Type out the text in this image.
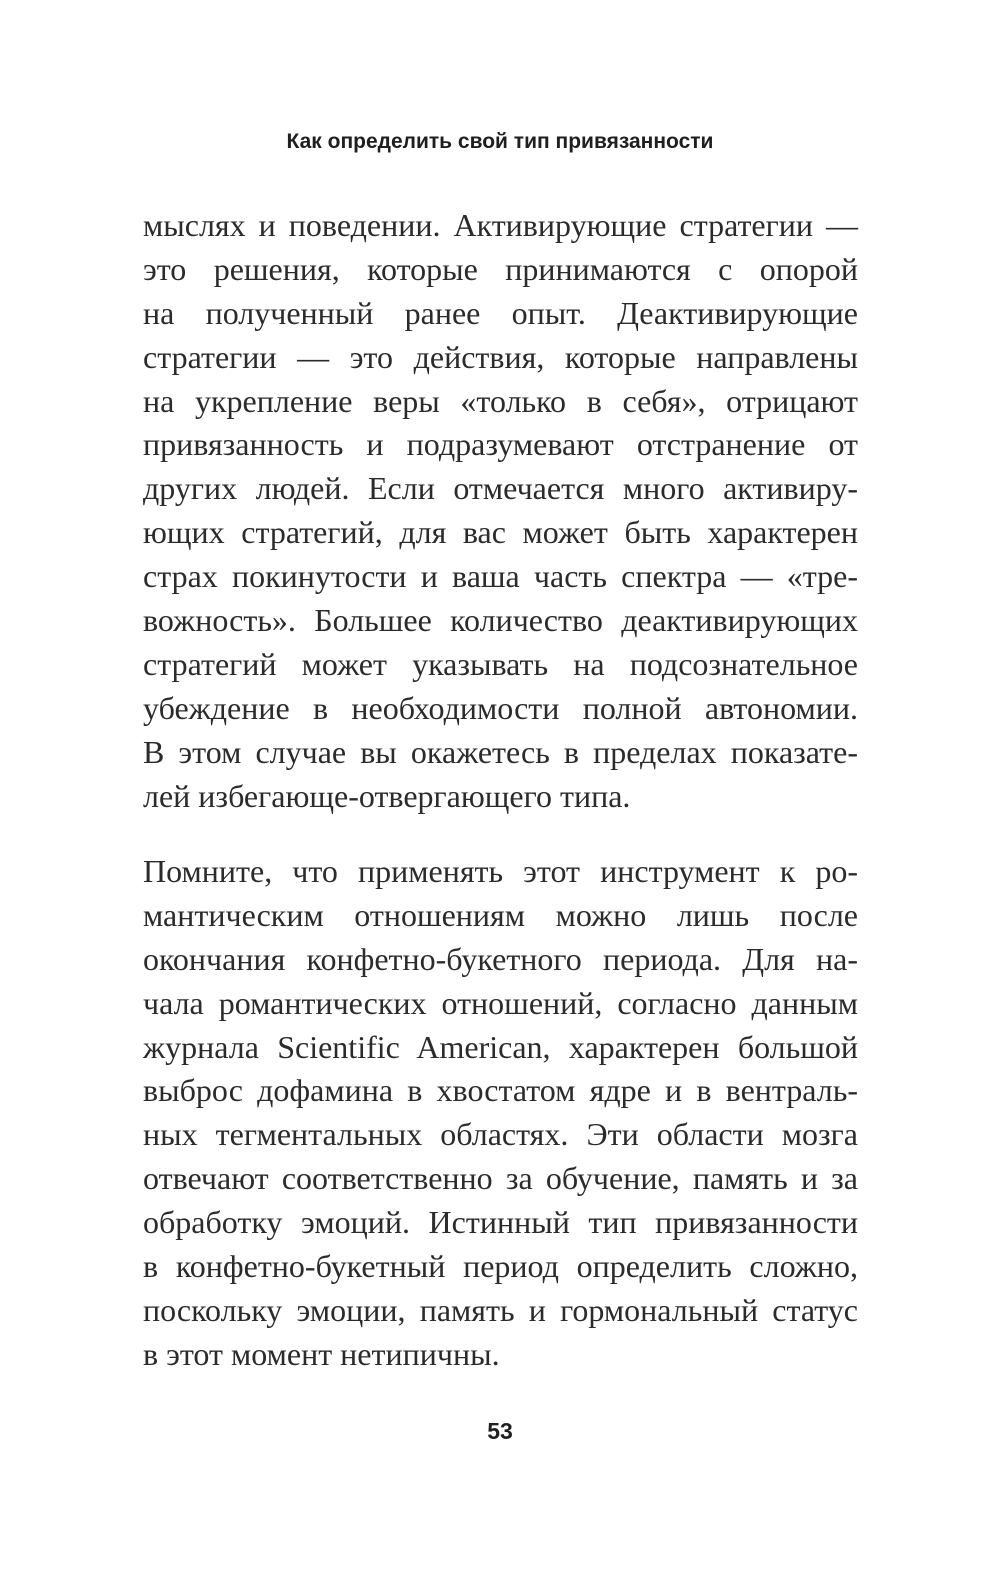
Как определить свой тип привязанности
мыслях и поведении. Активирующие стратегии —
это решения, которые принимаются с опорой
на полученный ранее опыт. Деактивирующие
стратегии — это действия, которые направлены
на укрепление веры «только в себя», отрицают
привязанность и подразумевают отстранение от
других людей. Если отмечается много активиру-
ющих стратегий, для вас может быть характерен
страх покинутости и ваша часть спектра — «тре-
вожность». Большее количество деактивирующих
стратегий может указывать на подсознательное
убеждение в необходимости полной автономии.
В этом случае вы окажетесь в пределах показате-
лей избегающе-отвергающего типа.
Помните, что применять этот инструмент к ро-
мантическим отношениям можно лишь после
окончания конфетно-букетного периода. Для на-
чала романтических отношений, согласно данным
журнала Scientific American, характерен большой
выброс дофамина в хвостатом ядре и в вентраль-
ных тегментальных областях. Эти области мозга
отвечают соответственно за обучение, память и за
обработку эмоций. Истинный тип привязанности
в конфетно-букетный период определить сложно,
поскольку эмоции, память и гормональный статус
в этот момент нетипичны.
53
